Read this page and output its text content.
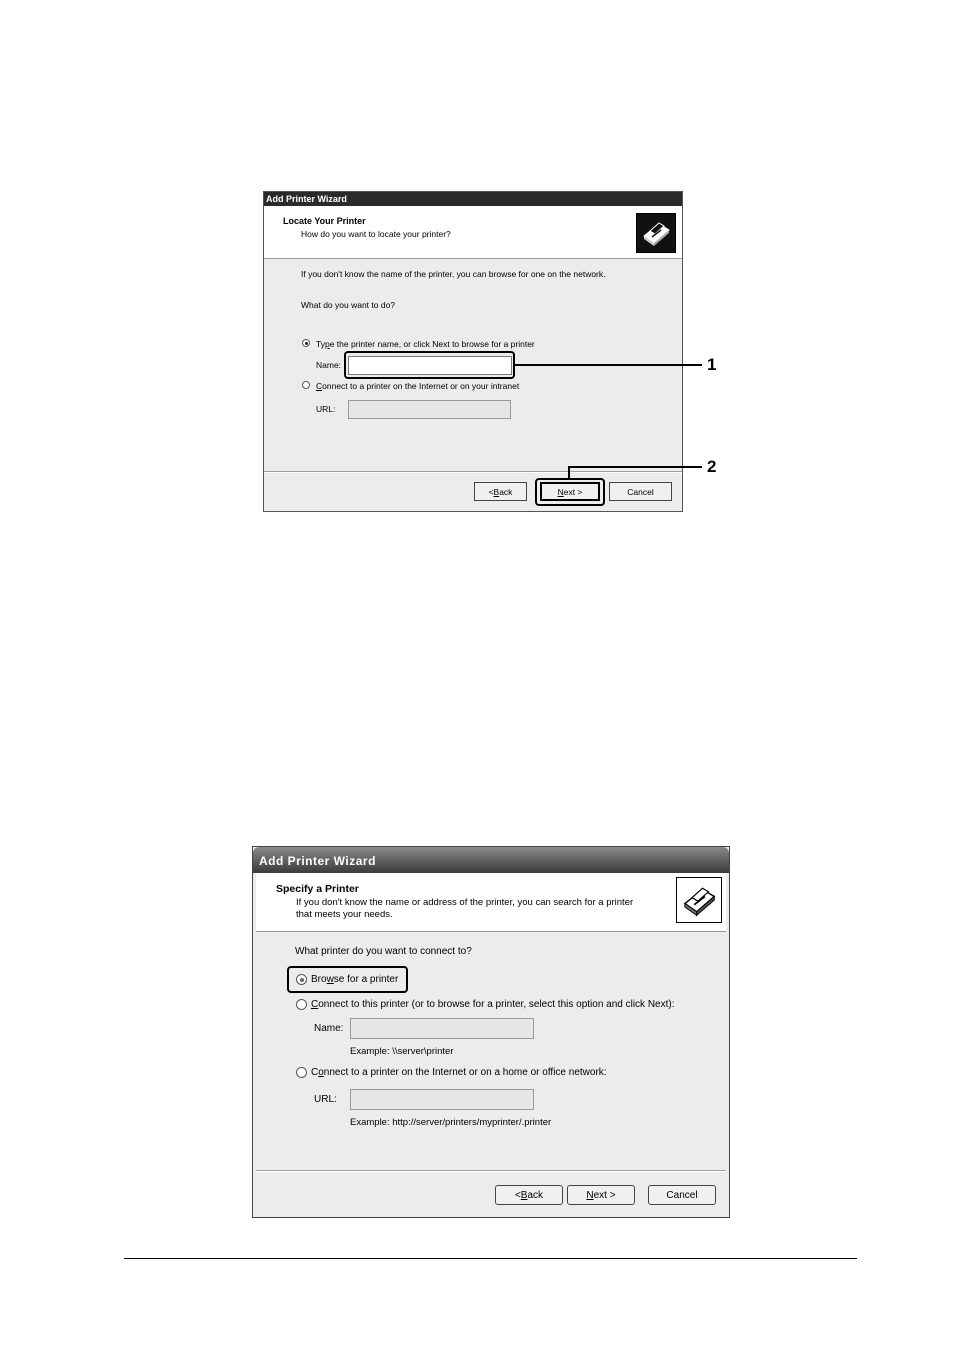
Add Printer Wizard
Locate Your Printer
How do you want to locate your printer?
If you don't know the name of the printer, you can browse for one on the network.
What do you want to do?
Type the printer name, or click Next to browse for a printer
Name:
Connect to a printer on the Internet or on your intranet
URL:
< B ack	N ext >	Cancel
1
2
Add Printer Wizard
Specify a Printer
If you don't know the name or address of the printer, you can search for a printer
that meets your needs.
What printer do you want to connect to?
Browse for a printer
Connect to this printer (or to browse for a printer, select this option and click Next):
Name:
Example: \\server\printer
Connect to a printer on the Internet or on a home or office network:
URL:
Example: http://server/printers/myprinter/.printer
< B ack	N ext >	Cancel
